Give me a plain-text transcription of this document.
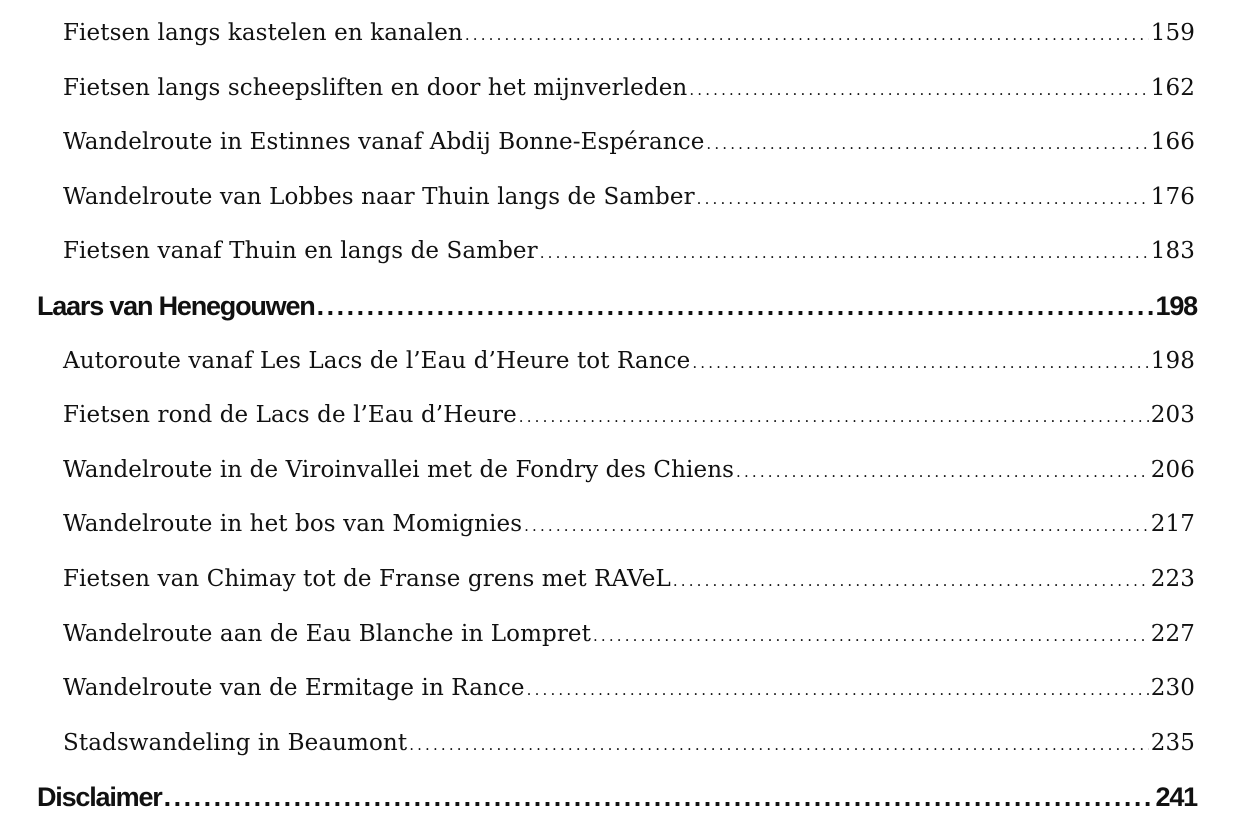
Fietsen langs kastelen en kanalen . . .	159
Fietsen langs scheepsliften en door het mijnverleden . . .	162
Wandelroute in Estinnes vanaf Abdij Bonne-Espérance . . .	166
Wandelroute van Lobbes naar Thuin langs de Samber . . .	176
Fietsen vanaf Thuin en langs de Samber . . .	183
Laars van Henegouwen . . .	198
Autoroute vanaf Les Lacs de l’Eau d’Heure tot Rance . . .	198
Fietsen rond de Lacs de l’Eau d’Heure . . .	203
Wandelroute in de Viroinvallei met de Fondry des Chiens . . .	206
Wandelroute in het bos van Momignies . . .	217
Fietsen van Chimay tot de Franse grens met RAVeL . . .	223
Wandelroute aan de Eau Blanche in Lompret . . .	227
Wandelroute van de Ermitage in Rance . . .	230
Stadswandeling in Beaumont . . .	235
Disclaimer . . .	241
